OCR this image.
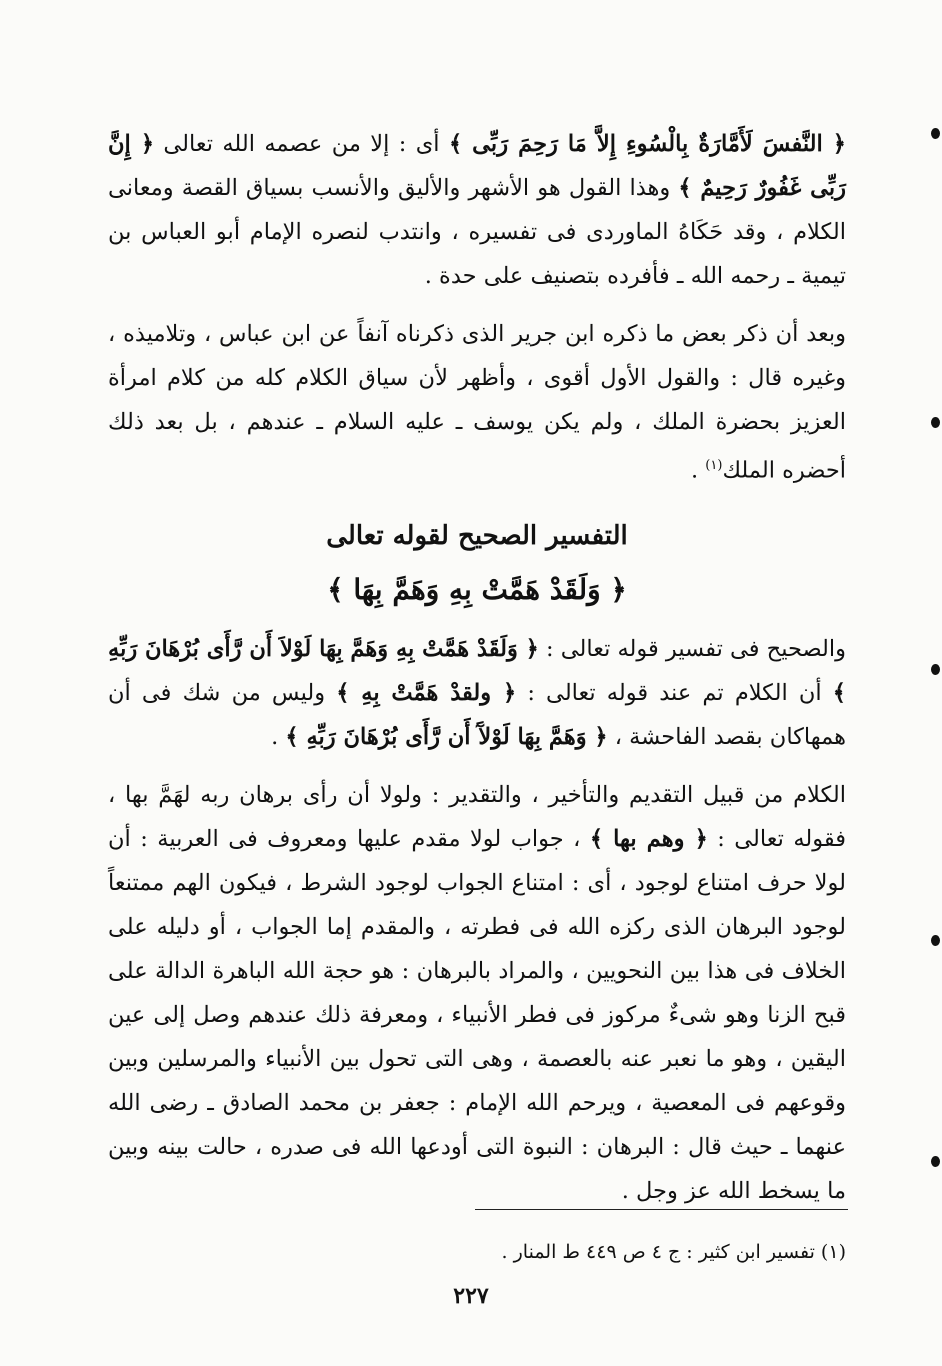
﴿ النَّفسَ لَأَمَّارَةٌ بِالْسُوءِ إِلاَّ مَا رَحِمَ رَبِّى ﴾ أى : إلا من عصمه الله تعالى ﴿ إِنَّ رَبِّى غَفُورٌ رَحِيمٌ ﴾ وهذا القول هو الأشهر والأليق والأنسب بسياق القصة ومعانى الكلام ، وقد حَكَاهُ الماوردى فى تفسيره ، وانتدب لنصره الإمام أبو العباس بن تيمية ـ رحمه الله ـ فأفرده بتصنيف على حدة .

وبعد أن ذكر بعض ما ذكره ابن جرير الذى ذكرناه آنفاً عن ابن عباس ، وتلاميذه ، وغيره قال : والقول الأول أقوى ، وأظهر لأن سياق الكلام كله من كلام امرأة العزيز بحضرة الملك ، ولم يكن يوسف ـ عليه السلام ـ عندهم ، بل بعد ذلك أحضره الملك$^{(١)}$ .

التفسير الصحيح لقوله تعالى
﴿ وَلَقَدْ هَمَّتْ بِهِ وَهَمَّ بِهَا ﴾

والصحيح فى تفسير قوله تعالى : ﴿ وَلَقَدْ هَمَّتْ بِهِ وَهَمَّ بِهَا لَوْلاَ أَن رَّأَى بُرْهَانَ رَبِّهِ ﴾ أن الكلام تم عند قوله تعالى : ﴿ ولقدْ هَمَّتْ بِهِ ﴾ وليس من شك فى أن همهاكان بقصد الفاحشة ، ﴿ وَهَمَّ بِهَا لَوْلآَ أَن رَّأَى بُرْهَانَ رَبِّهِ ﴾ .

الكلام من قبيل التقديم والتأخير ، والتقدير : ولولا أن رأى برهان ربه لهَمَّ بها ، فقوله تعالى : ﴿ وهم بها ﴾ ، جواب لولا مقدم عليها ومعروف فى العربية : أن لولا حرف امتناع لوجود ، أى : امتناع الجواب لوجود الشرط ، فيكون الهم ممتنعاً لوجود البرهان الذى ركزه الله فى فطرته ، والمقدم إما الجواب ، أو دليله على الخلاف فى هذا بين النحويين ، والمراد بالبرهان : هو حجة الله الباهرة الدالة على قبح الزنا وهو شىءٌ مركوز فى فطر الأنبياء ، ومعرفة ذلك عندهم وصل إلى عين اليقين ، وهو ما نعبر عنه بالعصمة ، وهى التى تحول بين الأنبياء والمرسلين وبين وقوعهم فى المعصية ، ويرحم الله الإمام : جعفر بن محمد الصادق ـ رضى الله عنهما ـ حيث قال : البرهان : النبوة التى أودعها الله فى صدره ، حالت بينه وبين ما يسخط الله عز وجل .

(١) تفسير ابن كثير : ج ٤ ص ٤٤٩ ط المنار .
٢٢٧
